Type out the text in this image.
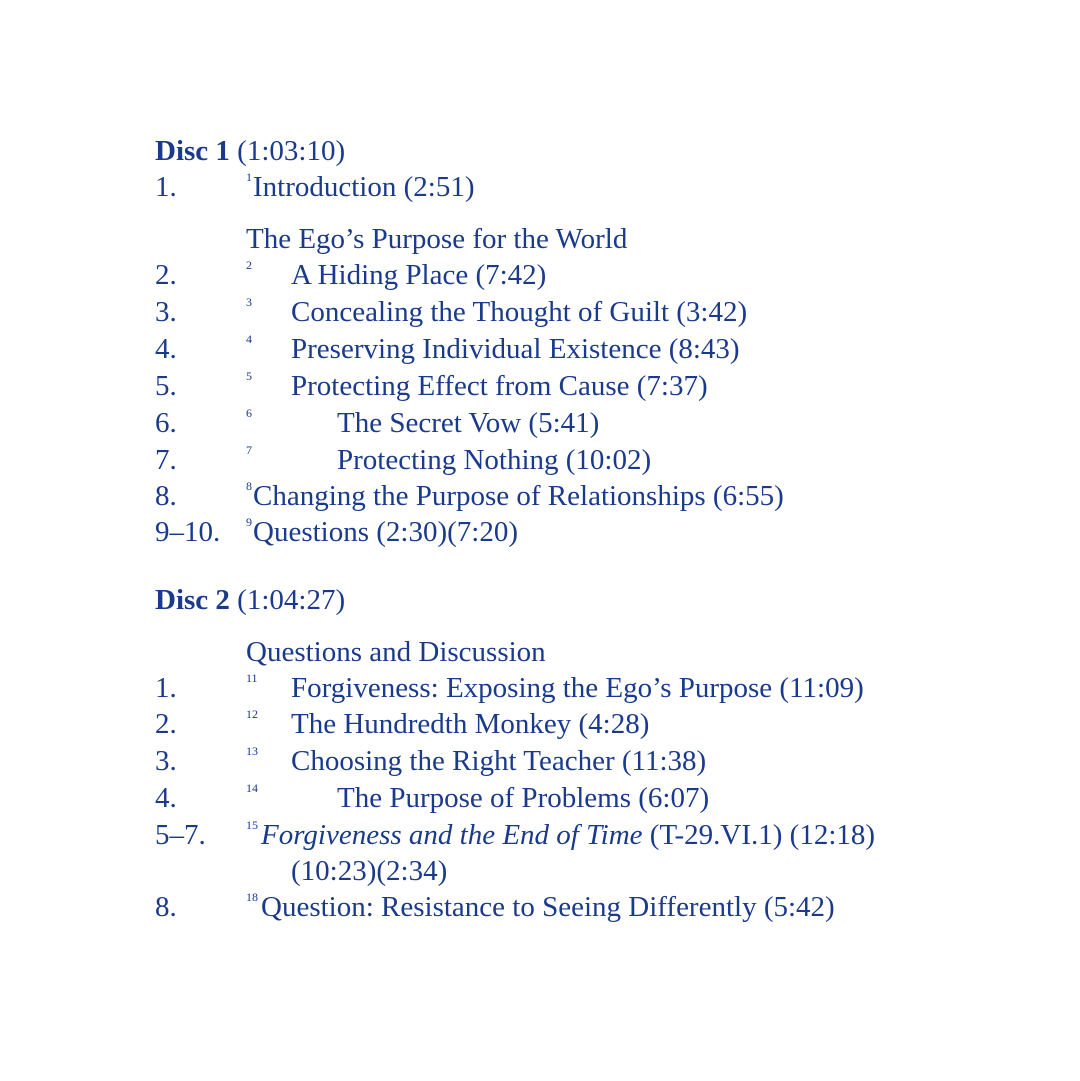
Disc 1 (1:03:10)
1.	1 Introduction (2:51)
The Ego’s Purpose for the World
2.	2 A Hiding Place (7:42)
3.	3 Concealing the Thought of Guilt (3:42)
4.	4 Preserving Individual Existence (8:43)
5.	5 Protecting Effect from Cause (7:37)
6.	6	The Secret Vow (5:41)
7.	7	Protecting Nothing (10:02)
8.	8 Changing the Purpose of Relationships (6:55)
9–10. 9 Questions (2:30)(7:20)
Disc 2 (1:04:27)
Questions and Discussion
1.	11 Forgiveness: Exposing the Ego’s Purpose (11:09)
2.	12 The Hundredth Monkey (4:28)
3.	13 Choosing the Right Teacher (11:38)
4.	14	The Purpose of Problems (6:07)
5–7.	15 Forgiveness and the End of Time (T-29.VI.1) (12:18)
(10:23)(2:34)
8.	18 Question: Resistance to Seeing Differently (5:42)
